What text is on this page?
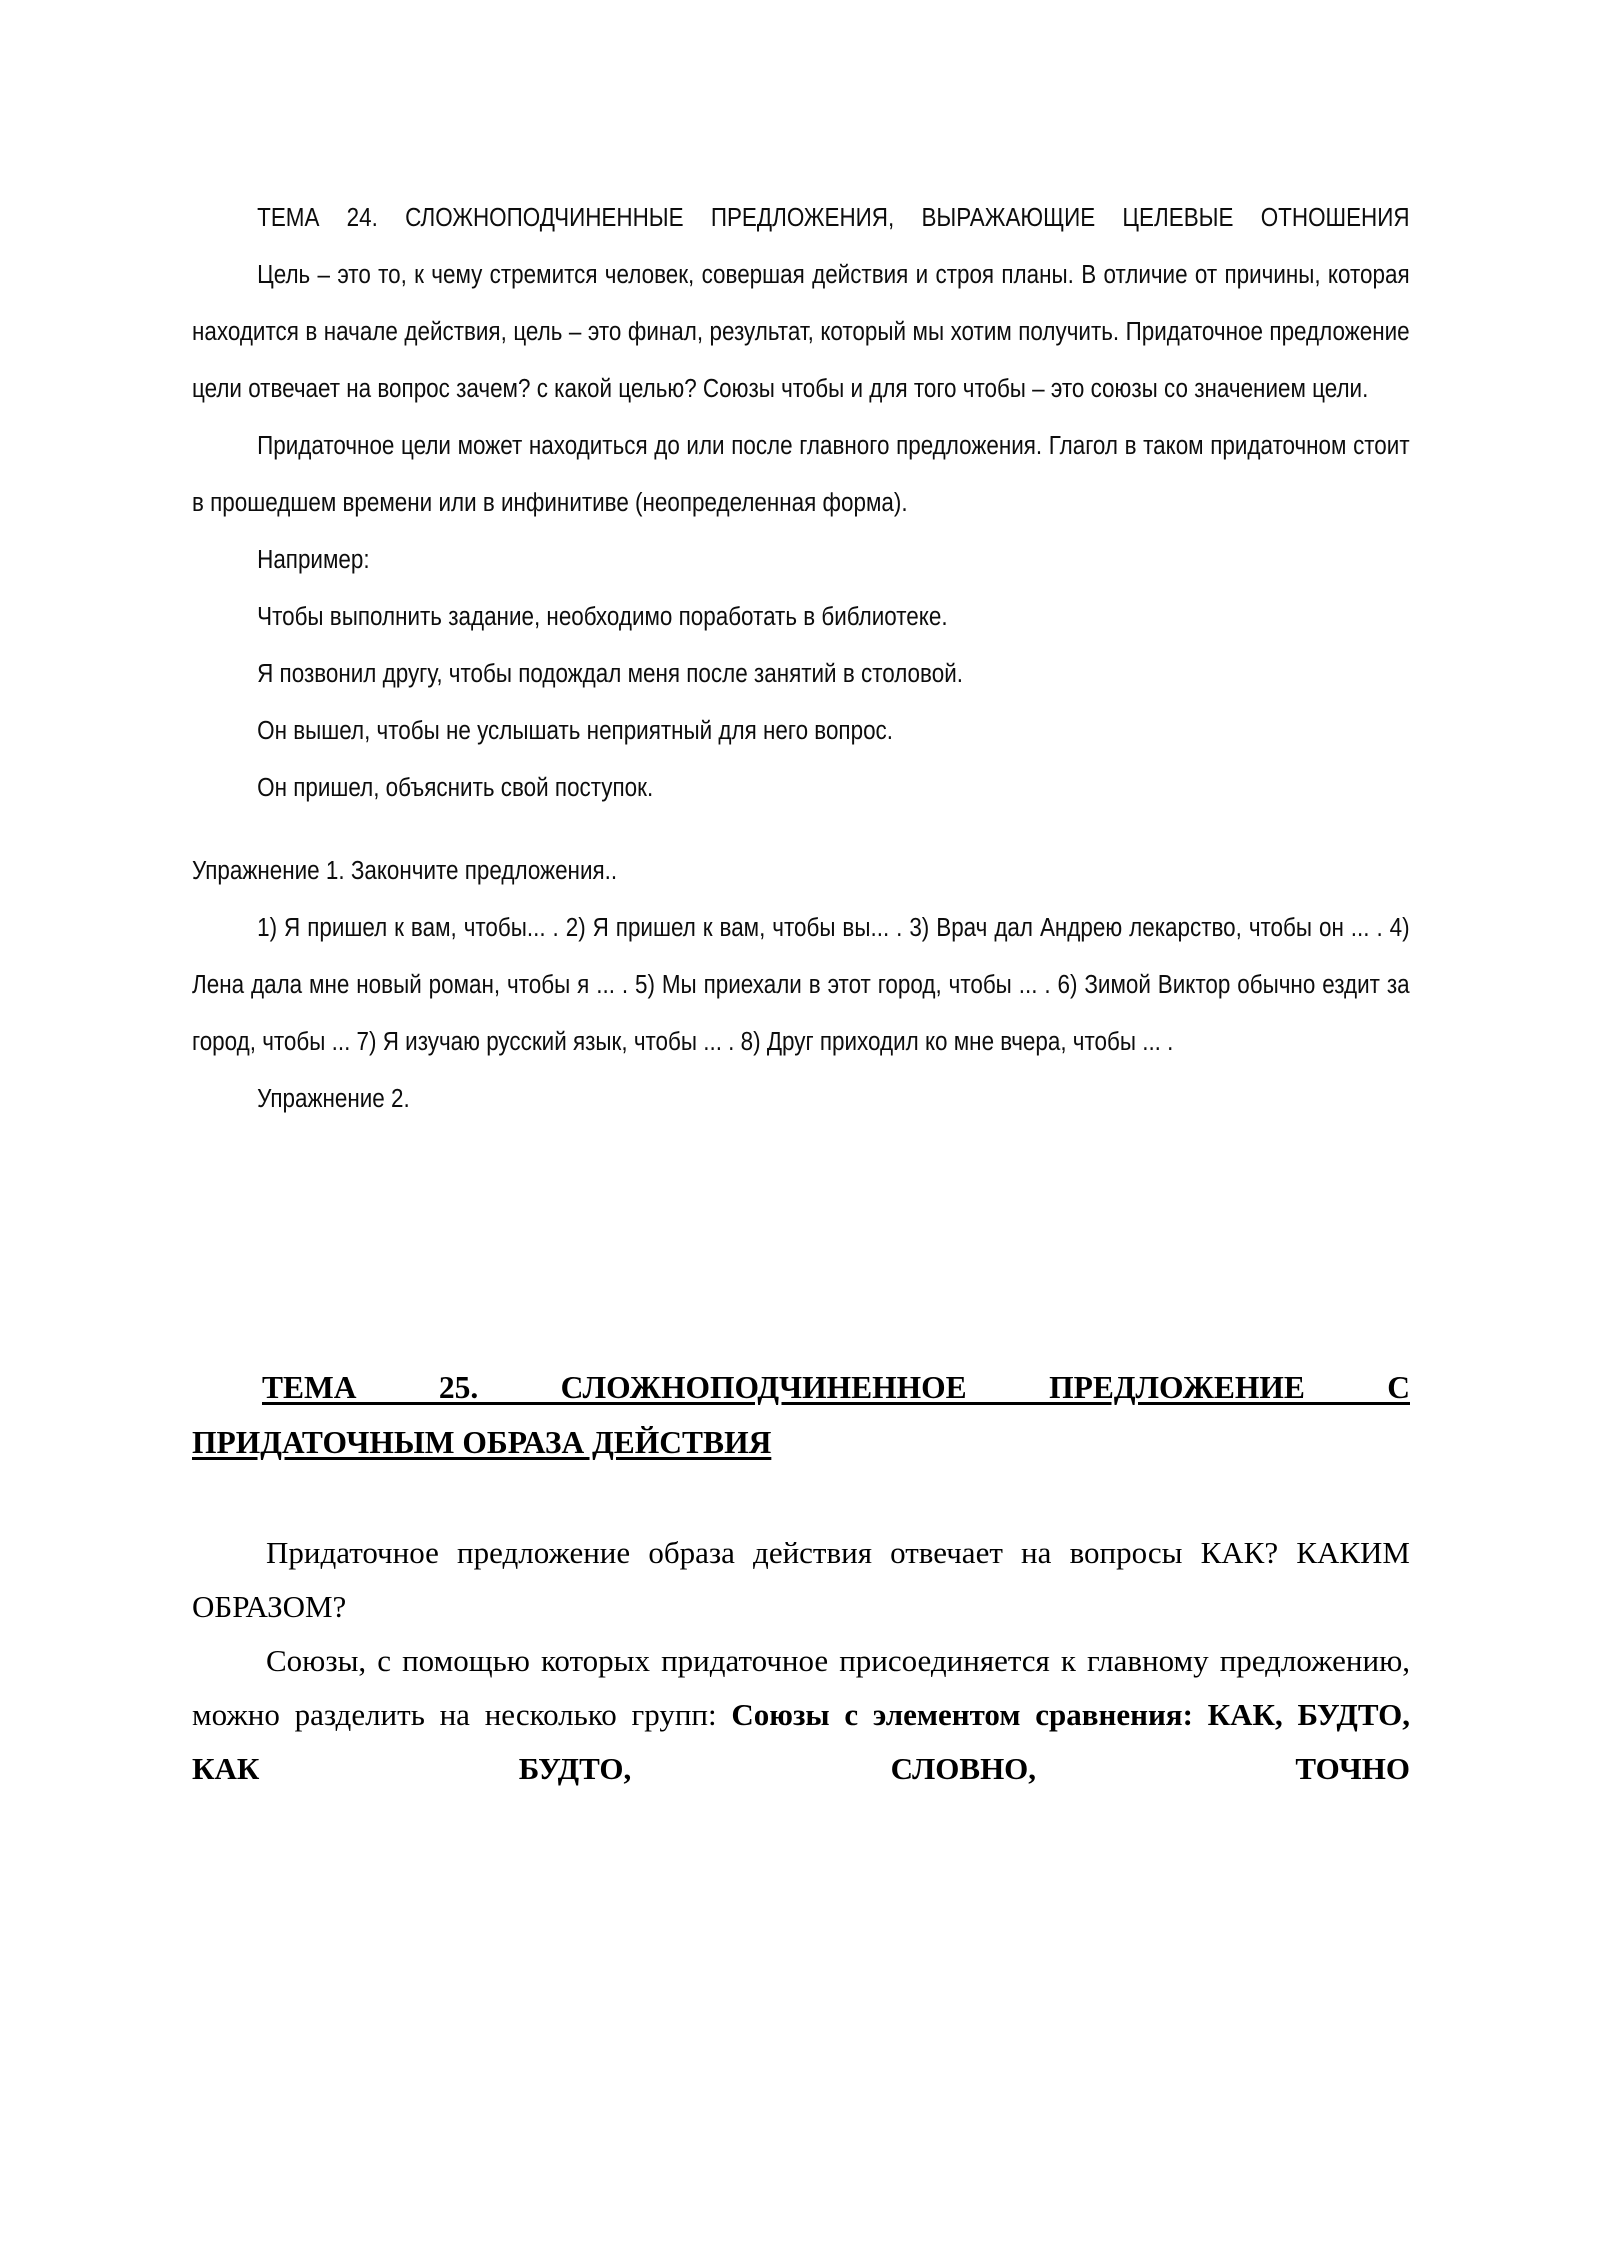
ТЕМА 24. СЛОЖНОПОДЧИНЕННЫЕ ПРЕДЛОЖЕНИЯ, ВЫРАЖАЮЩИЕ ЦЕЛЕВЫЕ ОТНОШЕНИЯ

Цель – это то, к чему стремится человек, совершая действия и строя планы. В отличие от причины, которая находится в начале действия, цель – это финал, результат, который мы хотим получить. Придаточное предложение цели отвечает на вопрос зачем? с какой целью? Союзы чтобы и для того чтобы – это союзы со значением цели.

Придаточное цели может находиться до или после главного предложения. Глагол в таком придаточном стоит в прошедшем времени или в инфинитиве (неопределенная форма).

Например:

Чтобы выполнить задание, необходимо поработать в библиотеке.

Я позвонил другу, чтобы подождал меня после занятий в столовой.

Он вышел, чтобы не услышать неприятный для него вопрос.

Он пришел, объяснить свой поступок.

Упражнение 1. Закончите предложения..

1) Я пришел к вам, чтобы... . 2) Я пришел к вам, чтобы вы... . 3) Врач дал Андрею лекарство, чтобы он ... . 4) Лена дала мне новый роман, чтобы я ... . 5) Мы приехали в этот город, чтобы ... . 6) Зимой Виктор обычно ездит за город, чтобы ... 7) Я изучаю русский язык, чтобы ... . 8) Друг приходил ко мне вчера, чтобы ... .

Упражнение 2.

ТЕМА 25. СЛОЖНОПОДЧИНЕННОЕ ПРЕДЛОЖЕНИЕ С
ПРИДАТОЧНЫМ ОБРАЗА ДЕЙСТВИЯ

Придаточное предложение образа действия отвечает на вопросы КАК? КАКИМ ОБРАЗОМ?

Союзы, с помощью которых придаточное присоединяется к главному предложению, можно разделить на несколько групп: Союзы с элементом сравнения: КАК, БУДТО, КАК БУДТО, СЛОВНО, ТОЧНО
